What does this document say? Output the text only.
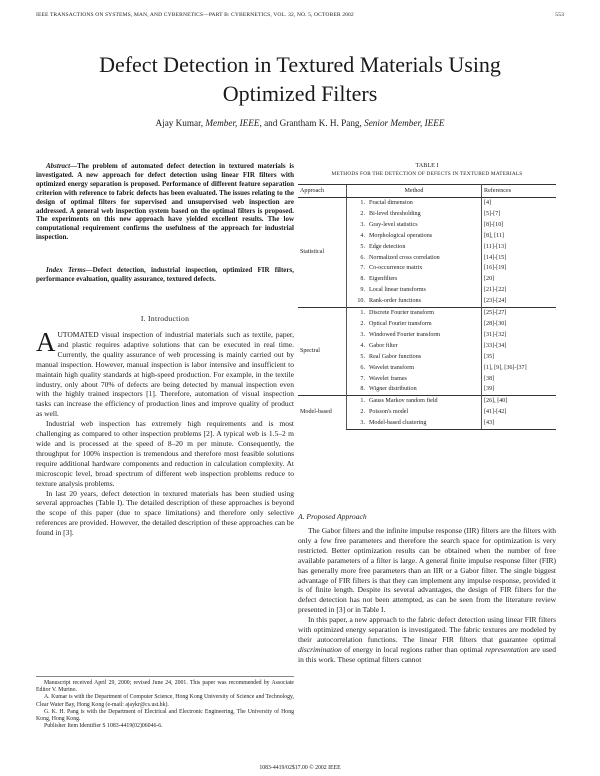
IEEE TRANSACTIONS ON SYSTEMS, MAN, AND CYBERNETICS—PART B: CYBERNETICS, VOL. 32, NO. 5, OCTOBER 2002	553
Defect Detection in Textured Materials Using
Optimized Filters
Ajay Kumar, Member, IEEE, and Grantham K. H. Pang, Senior Member, IEEE

Abstract—The problem of automated defect detection in textured materials is investigated. A new approach for defect detection using linear FIR filters with optimized energy separation is proposed. Performance of different feature separation criterion with reference to fabric defects has been evaluated. The issues relating to the design of optimal filters for supervised and unsupervised web inspection are addressed. A general web inspection system based on the optimal filters is proposed. The experiments on this new approach have yielded excellent results. The low computational requirement confirms the usefulness of the approach for industrial inspection.

Index Terms—Defect detection, industrial inspection, optimized FIR filters, performance evaluation, quality assurance, textured defects.

I. Introduction

AUTOMATED visual inspection of industrial materials such as textile, paper, and plastic requires adaptive solutions that can be executed in real time. Currently, the quality assurance of web processing is mainly carried out by manual inspection. However, manual inspection is labor intensive and insufficient to maintain high quality standards at high-speed production. For example, in the textile industry, only about 70% of defects are being detected by manual inspection even with the highly trained inspectors [1]. Therefore, automation of visual inspection tasks can increase the efficiency of production lines and improve quality of product as well.

Industrial web inspection has extremely high requirements and is most challenging as compared to other inspection problems [2]. A typical web is 1.5–2 m wide and is processed at the speed of 8–20 m per minute. Consequently, the throughput for 100% inspection is tremendous and therefore most feasible solutions require additional hardware components and reduction in calculation complexity. At microscopic level, broad spectrum of different web inspection problems reduce to texture analysis problems.

In last 20 years, defect detection in textured materials has been studied using several approaches (Table I). The detailed description of these approaches is beyond the scope of this paper (due to space limitations) and therefore only selective references are provided. However, the detailed description of these approaches can be found in [3].

Manuscript received April 29, 2000; revised June 24, 2001. This paper was recommended by Associate Editor V. Murino.

A. Kumar is with the Department of Computer Science, Hong Kong University of Science and Technology, Clear Water Bay, Hong Kong (e-mail: ajaykr@cs.ust.hk).

G. K. H. Pang is with the Department of Electrical and Electronic Engineering, The University of Hong Kong, Hong Kong.

Publisher Item Identifier S 1083-4419(02)06046-6.

TABLE I
METHODS FOR THE DETECTION OF DEFECTS IN TEXTURED MATERIALS
Approach	Method	References
Statistical	1. Fractal dimension	[4]
	2. Bi-level thresholding	[5]-[7]
	3. Gray-level statistics	[8]-[10]
	4. Morphological operations	[8], [11]
	5. Edge detection	[11]-[13]
	6. Normalized cross correlation	[14]-[15]
	7. Co-occurrence matrix	[16]-[19]
	8. Eigenfilters	[20]
	9. Local linear transforms	[21]-[22]
	10. Rank-order functions	[23]-[24]
Spectral	1. Discrete Fourier transform	[25]-[27]
	2. Optical Fourier transform	[28]-[30]
	3. Windowed Fourier transform	[31]-[32]
	4. Gabor filter	[33]-[34]
	5. Real Gabor functions	[35]
	6. Wavelet transform	[1], [9], [36]-[37]
	7. Wavelet frames	[38]
	8. Wigner distribution	[39]
Model-based	1. Gauss Markov random field	[26], [40]
	2. Poisson's model	[41]-[42]
	3. Model-based clustering	[43]
A. Proposed Approach

The Gabor filters and the infinite impulse response (IIR) filters are the filters with only a few free parameters and therefore the search space for optimization is very restricted. Better optimization results can be obtained when the number of free available parameters of a filter is large. A general finite impulse response filter (FIR) has generally more free parameters than an IIR or a Gabor filter. The single biggest advantage of FIR filters is that they can implement any impulse response, provided it is of finite length. Despite its several advantages, the design of FIR filters for the defect detection has not been attempted, as can be seen from the literature review presented in [3] or in Table I.

In this paper, a new approach to the fabric defect detection using linear FIR filters with optimized energy separation is investigated. The fabric textures are modeled by their autocorrelation functions. The linear FIR filters that guarantee optimal discrimination of energy in local regions rather than optimal representation are used in this work. These optimal filters cannot

1083-4419/02$17.00 © 2002 IEEE
